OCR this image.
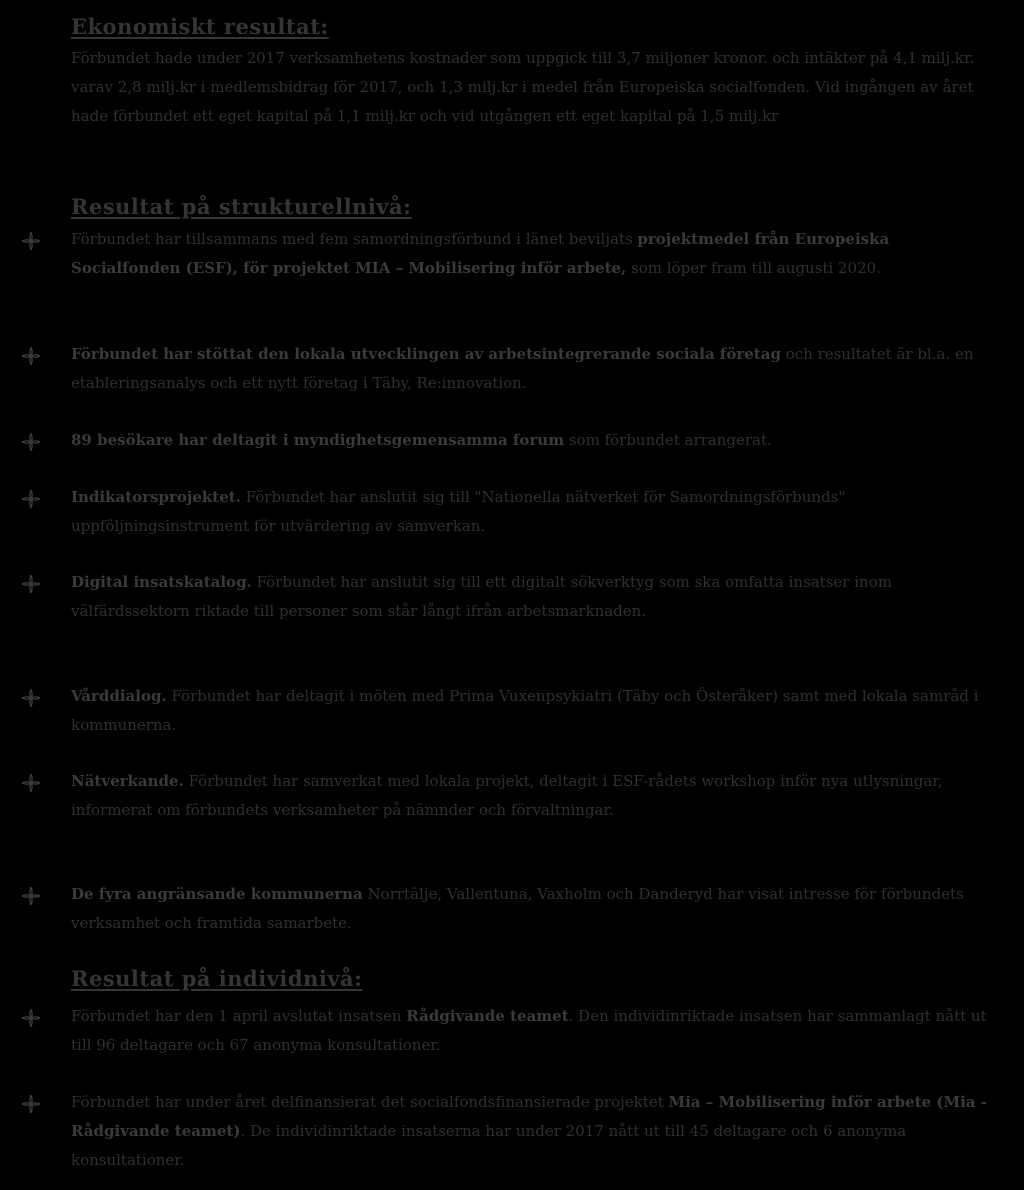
Ekonomiskt resultat:
Förbundet hade under 2017 verksamhetens kostnader som uppgick till 3,7 miljoner kronor. och intäkter på 4,1 milj.kr. varav 2,8 milj.kr i medlemsbidrag för 2017, och 1,3 milj.kr i medel från Europeiska socialfonden. Vid ingången av året hade förbundet ett eget kapital på 1,1 milj.kr och vid utgången ett eget kapital på 1,5 milj.kr
Resultat på strukturellnivå:
Förbundet har tillsammans med fem samordningsförbund i länet beviljats projektmedel från Europeiska Socialfonden (ESF), för projektet MIA – Mobilisering inför arbete, som löper fram till augusti 2020.
Förbundet har stöttat den lokala utvecklingen av arbetsintegrerande sociala företag och resultatet är bl.a. en etableringsanalys och ett nytt företag i Täby, Re:innovation.
89 besökare har deltagit i myndighetsgemensamma forum som förbundet arrangerat.
Indikatorsprojektet. Förbundet har anslutit sig till "Nationella nätverket för Samordningsförbunds" uppföljningsinstrument för utvärdering av samverkan.
Digital insatskatalog. Förbundet har anslutit sig till ett digitalt sökverktyg som ska omfatta insatser inom välfärdssektorn riktade till personer som står långt ifrån arbetsmarknaden.
Vårddialog. Förbundet har deltagit i möten med Prima Vuxenpsykiatri (Täby och Österåker) samt med lokala samråd i kommunerna.
Nätverkande. Förbundet har samverkat med lokala projekt, deltagit i ESF-rådets workshop inför nya utlysningar, informerat om förbundets verksamheter på nämnder och förvaltningar.
De fyra angränsande kommunerna Norrtälje, Vallentuna, Vaxholm och Danderyd har visat intresse för förbundets verksamhet och framtida samarbete.
Resultat på individnivå:
Förbundet har den 1 april avslutat insatsen Rådgivande teamet. Den individinriktade insatsen har sammanlagt nått ut till 96 deltagare och 67 anonyma konsultationer.
Förbundet har under året delfinansierat det socialfondsfinansierade projektet Mia – Mobilisering inför arbete (Mia - Rådgivande teamet). De individinriktade insatserna har under 2017 nått ut till 45 deltagare och 6 anonyma konsultationer.
